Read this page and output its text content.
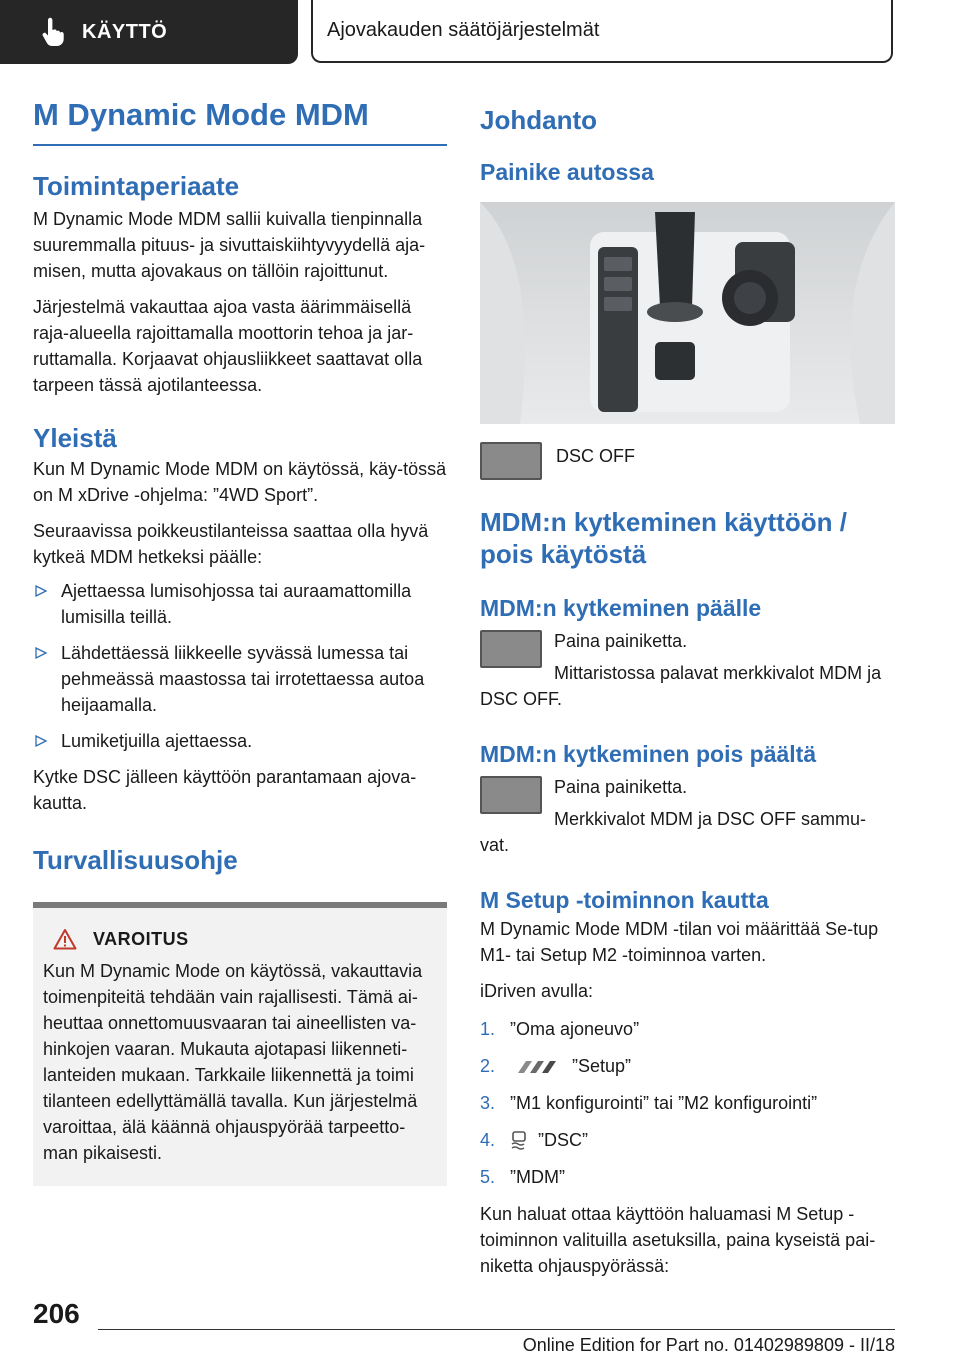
KÄYTTÖ	Ajovakauden säätöjärjestelmät
M Dynamic Mode MDM
Toimintaperiaate

M Dynamic Mode MDM sallii kuivalla tienpinnalla suuremmalla pituus- ja sivuttaiskiihtyvyydellä aja-misen, mutta ajovakaus on tällöin rajoittunut.

Järjestelmä vakauttaa ajoa vasta äärimmäisellä raja-alueella rajoittamalla moottorin tehoa ja jar-ruttamalla. Korjaavat ohjausliikkeet saattavat olla tarpeen tässä ajotilanteessa.

Yleistä

Kun M Dynamic Mode MDM on käytössä, käy-tössä on M xDrive -ohjelma: ”4WD Sport”.

Seuraavissa poikkeustilanteissa saattaa olla hyvä kytkeä MDM hetkeksi päälle:

Ajettaessa lumisohjossa tai auraamattomilla lumisilla teillä.
Lähdettäessä liikkeelle syvässä lumessa tai pehmeässä maastossa tai irrotettaessa autoa heijaamalla.
Lumiketjuilla ajettaessa.

Kytke DSC jälleen käyttöön parantamaan ajova-kautta.

Turvallisuusohje
VAROITUS

Kun M Dynamic Mode on käytössä, vakauttavia toimenpiteitä tehdään vain rajallisesti. Tämä ai-heuttaa onnettomuusvaaran tai aineellisten va-hinkojen vaaran. Mukauta ajotapasi liikenneti-lanteiden mukaan. Tarkkaile liikennettä ja toimi tilanteen edellyttämällä tavalla. Kun järjestelmä varoittaa, älä käännä ohjauspyörää tarpeetto-man pikaisesti.

Johdanto
Painike autossa

DSC OFF

MDM:n kytkeminen käyttöön / pois käytöstä
MDM:n kytkeminen päälle

Paina painiketta.

Mittaristossa palavat merkkivalot MDM ja DSC OFF.

MDM:n kytkeminen pois päältä

Paina painiketta.

Merkkivalot MDM ja DSC OFF sammu-vat.

M Setup -toiminnon kautta

M Dynamic Mode MDM -tilan voi määrittää Se-tup M1- tai Setup M2 -toiminnoa varten.

iDriven avulla:

1. ”Oma ajoneuvo”
2.	”Setup”
3. ”M1 konfigurointi” tai ”M2 konfigurointi”
4.	”DSC”
5. ”MDM”

Kun haluat ottaa käyttöön haluamasi M Setup -toiminnon valituilla asetuksilla, paina kyseistä pai-niketta ohjauspyörässä:

206
Online Edition for Part no. 01402989809 - II/18
